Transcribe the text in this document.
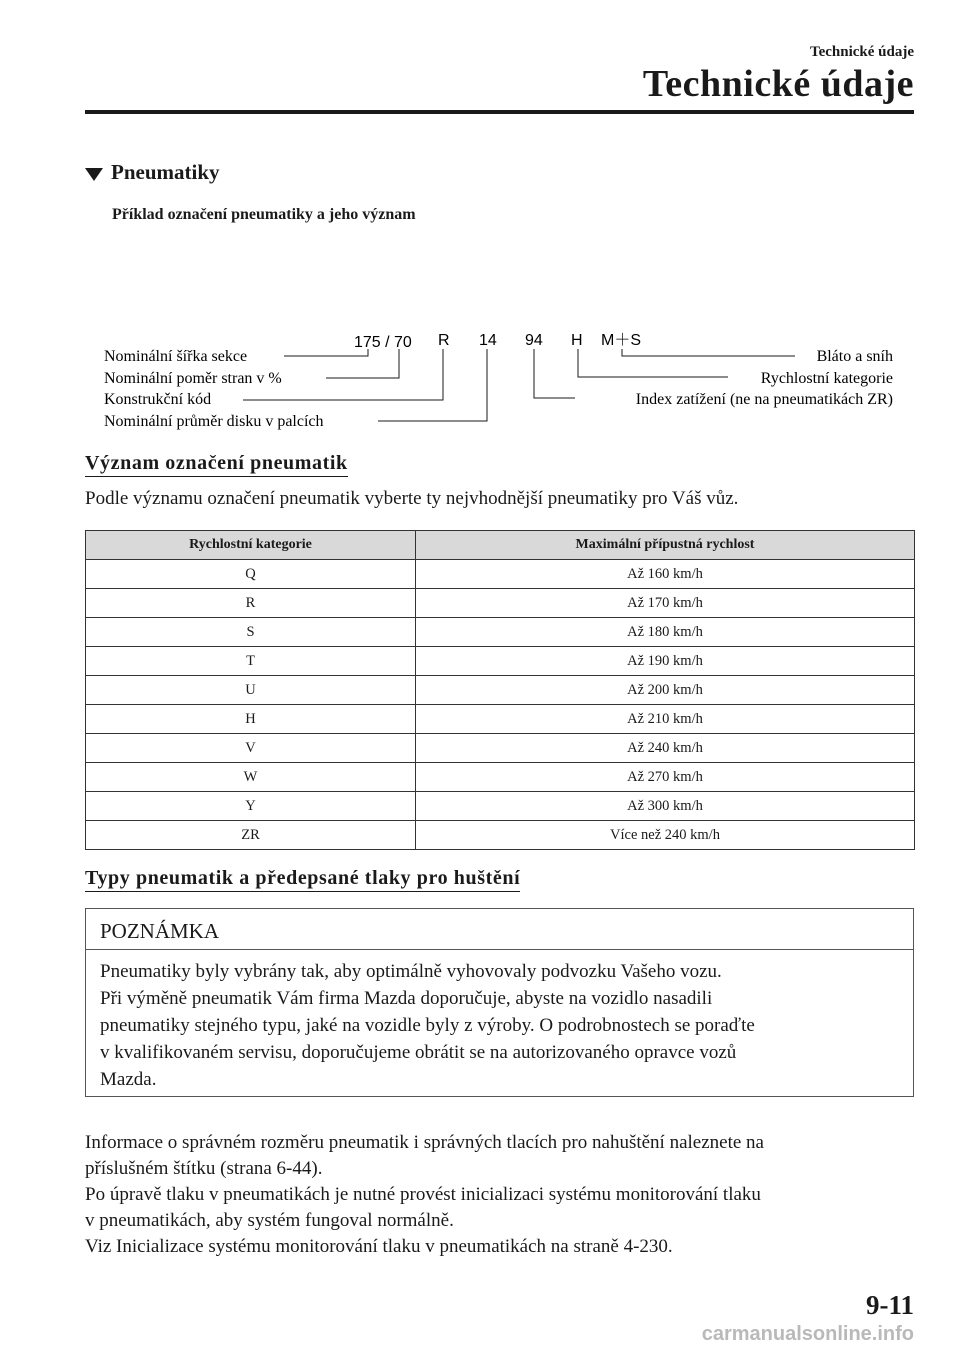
Technické údaje
Technické údaje
Pneumatiky
Příklad označení pneumatiky a jeho význam
175 / 70 R 14 94 H M＋S
Nominální šířka sekce
Nominální poměr stran v %
Konstrukční kód
Nominální průměr disku v palcích
Bláto a sníh
Rychlostní kategorie
Index zatížení (ne na pneumatikách ZR)
Význam označení pneumatik
Podle významu označení pneumatik vyberte ty nejvhodnější pneumatiky pro Váš vůz.
Rychlostní kategorie	Maximální přípustná rychlost
Q	Až 160 km/h
R	Až 170 km/h
S	Až 180 km/h
T	Až 190 km/h
U	Až 200 km/h
H	Až 210 km/h
V	Až 240 km/h
W	Až 270 km/h
Y	Až 300 km/h
ZR	Více než 240 km/h
Typy pneumatik a předepsané tlaky pro huštění
POZNÁMKA
Pneumatiky byly vybrány tak, aby optimálně vyhovovaly podvozku Vašeho vozu.
Při výměně pneumatik Vám firma Mazda doporučuje, abyste na vozidlo nasadili
pneumatiky stejného typu, jaké na vozidle byly z výroby. O podrobnostech se poraďte
v kvalifikovaném servisu, doporučujeme obrátit se na autorizovaného opravce vozů
Mazda.
Informace o správném rozměru pneumatik i správných tlacích pro nahuštění naleznete na
příslušném štítku (strana 6-44).
Po úpravě tlaku v pneumatikách je nutné provést inicializaci systému monitorování tlaku
v pneumatikách, aby systém fungoval normálně.
Viz Inicializace systému monitorování tlaku v pneumatikách na straně 4-230.
9-11
carmanualsonline.info
